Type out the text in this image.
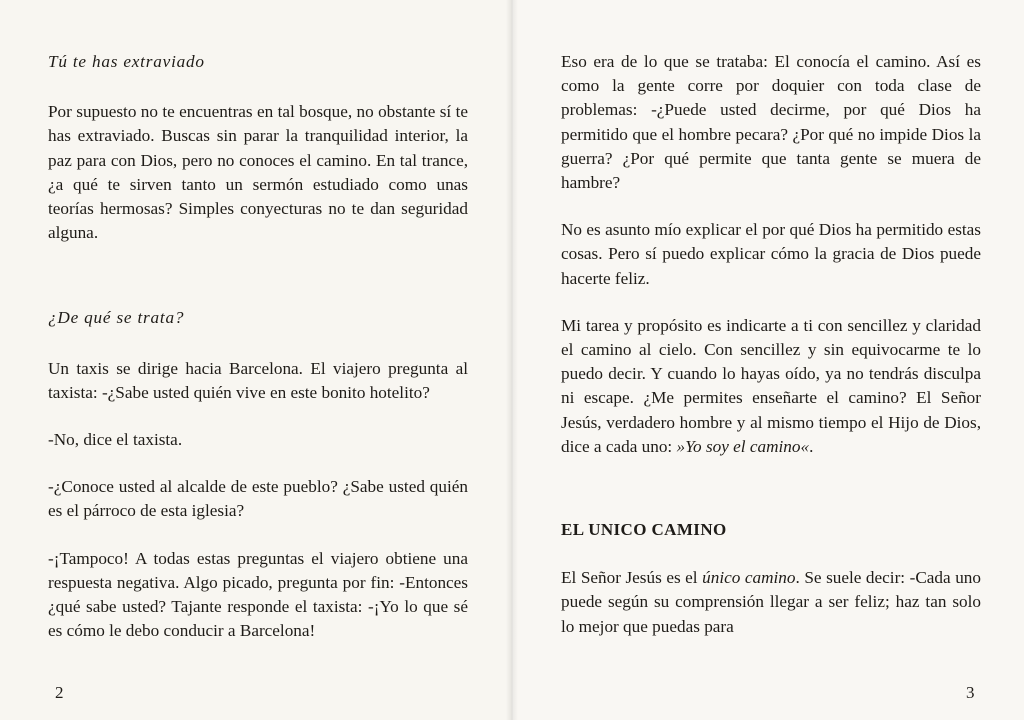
Tú te has extraviado

Por supuesto no te encuentras en tal bosque, no obstante sí te has extraviado. Buscas sin parar la tranquilidad interior, la paz para con Dios, pero no conoces el camino. En tal trance, ¿a qué te sirven tanto un sermón estudiado como unas teorías hermosas? Simples conyecturas no te dan seguridad alguna.

¿De qué se trata?

Un taxis se dirige hacia Barcelona. El viajero pregunta al taxista: -¿Sabe usted quién vive en este bonito hotelito?

-No, dice el taxista.

-¿Conoce usted al alcalde de este pueblo? ¿Sabe usted quién es el párroco de esta iglesia?

-¡Tampoco! A todas estas preguntas el viajero obtiene una respuesta negativa. Algo picado, pregunta por fin: -Entonces ¿qué sabe usted? Tajante responde el taxista: -¡Yo lo que sé es cómo le debo conducir a Barcelona!

2

Eso era de lo que se trataba: El conocía el camino. Así es como la gente corre por doquier con toda clase de problemas: -¿Puede usted decirme, por qué Dios ha permitido que el hombre pecara? ¿Por qué no impide Dios la guerra? ¿Por qué permite que tanta gente se muera de hambre?

No es asunto mío explicar el por qué Dios ha permitido estas cosas. Pero sí puedo explicar cómo la gracia de Dios puede hacerte feliz.

Mi tarea y propósito es indicarte a ti con sencillez y claridad el camino al cielo. Con sencillez y sin equivocarme te lo puedo decir. Y cuando lo hayas oído, ya no tendrás disculpa ni escape. ¿Me permites enseñarte el camino? El Señor Jesús, verdadero hombre y al mismo tiempo el Hijo de Dios, dice a cada uno: »Yo soy el camino«.

EL UNICO CAMINO

El Señor Jesús es el único camino. Se suele decir: -Cada uno puede según su comprensión llegar a ser feliz; haz tan solo lo mejor que puedas para

3
